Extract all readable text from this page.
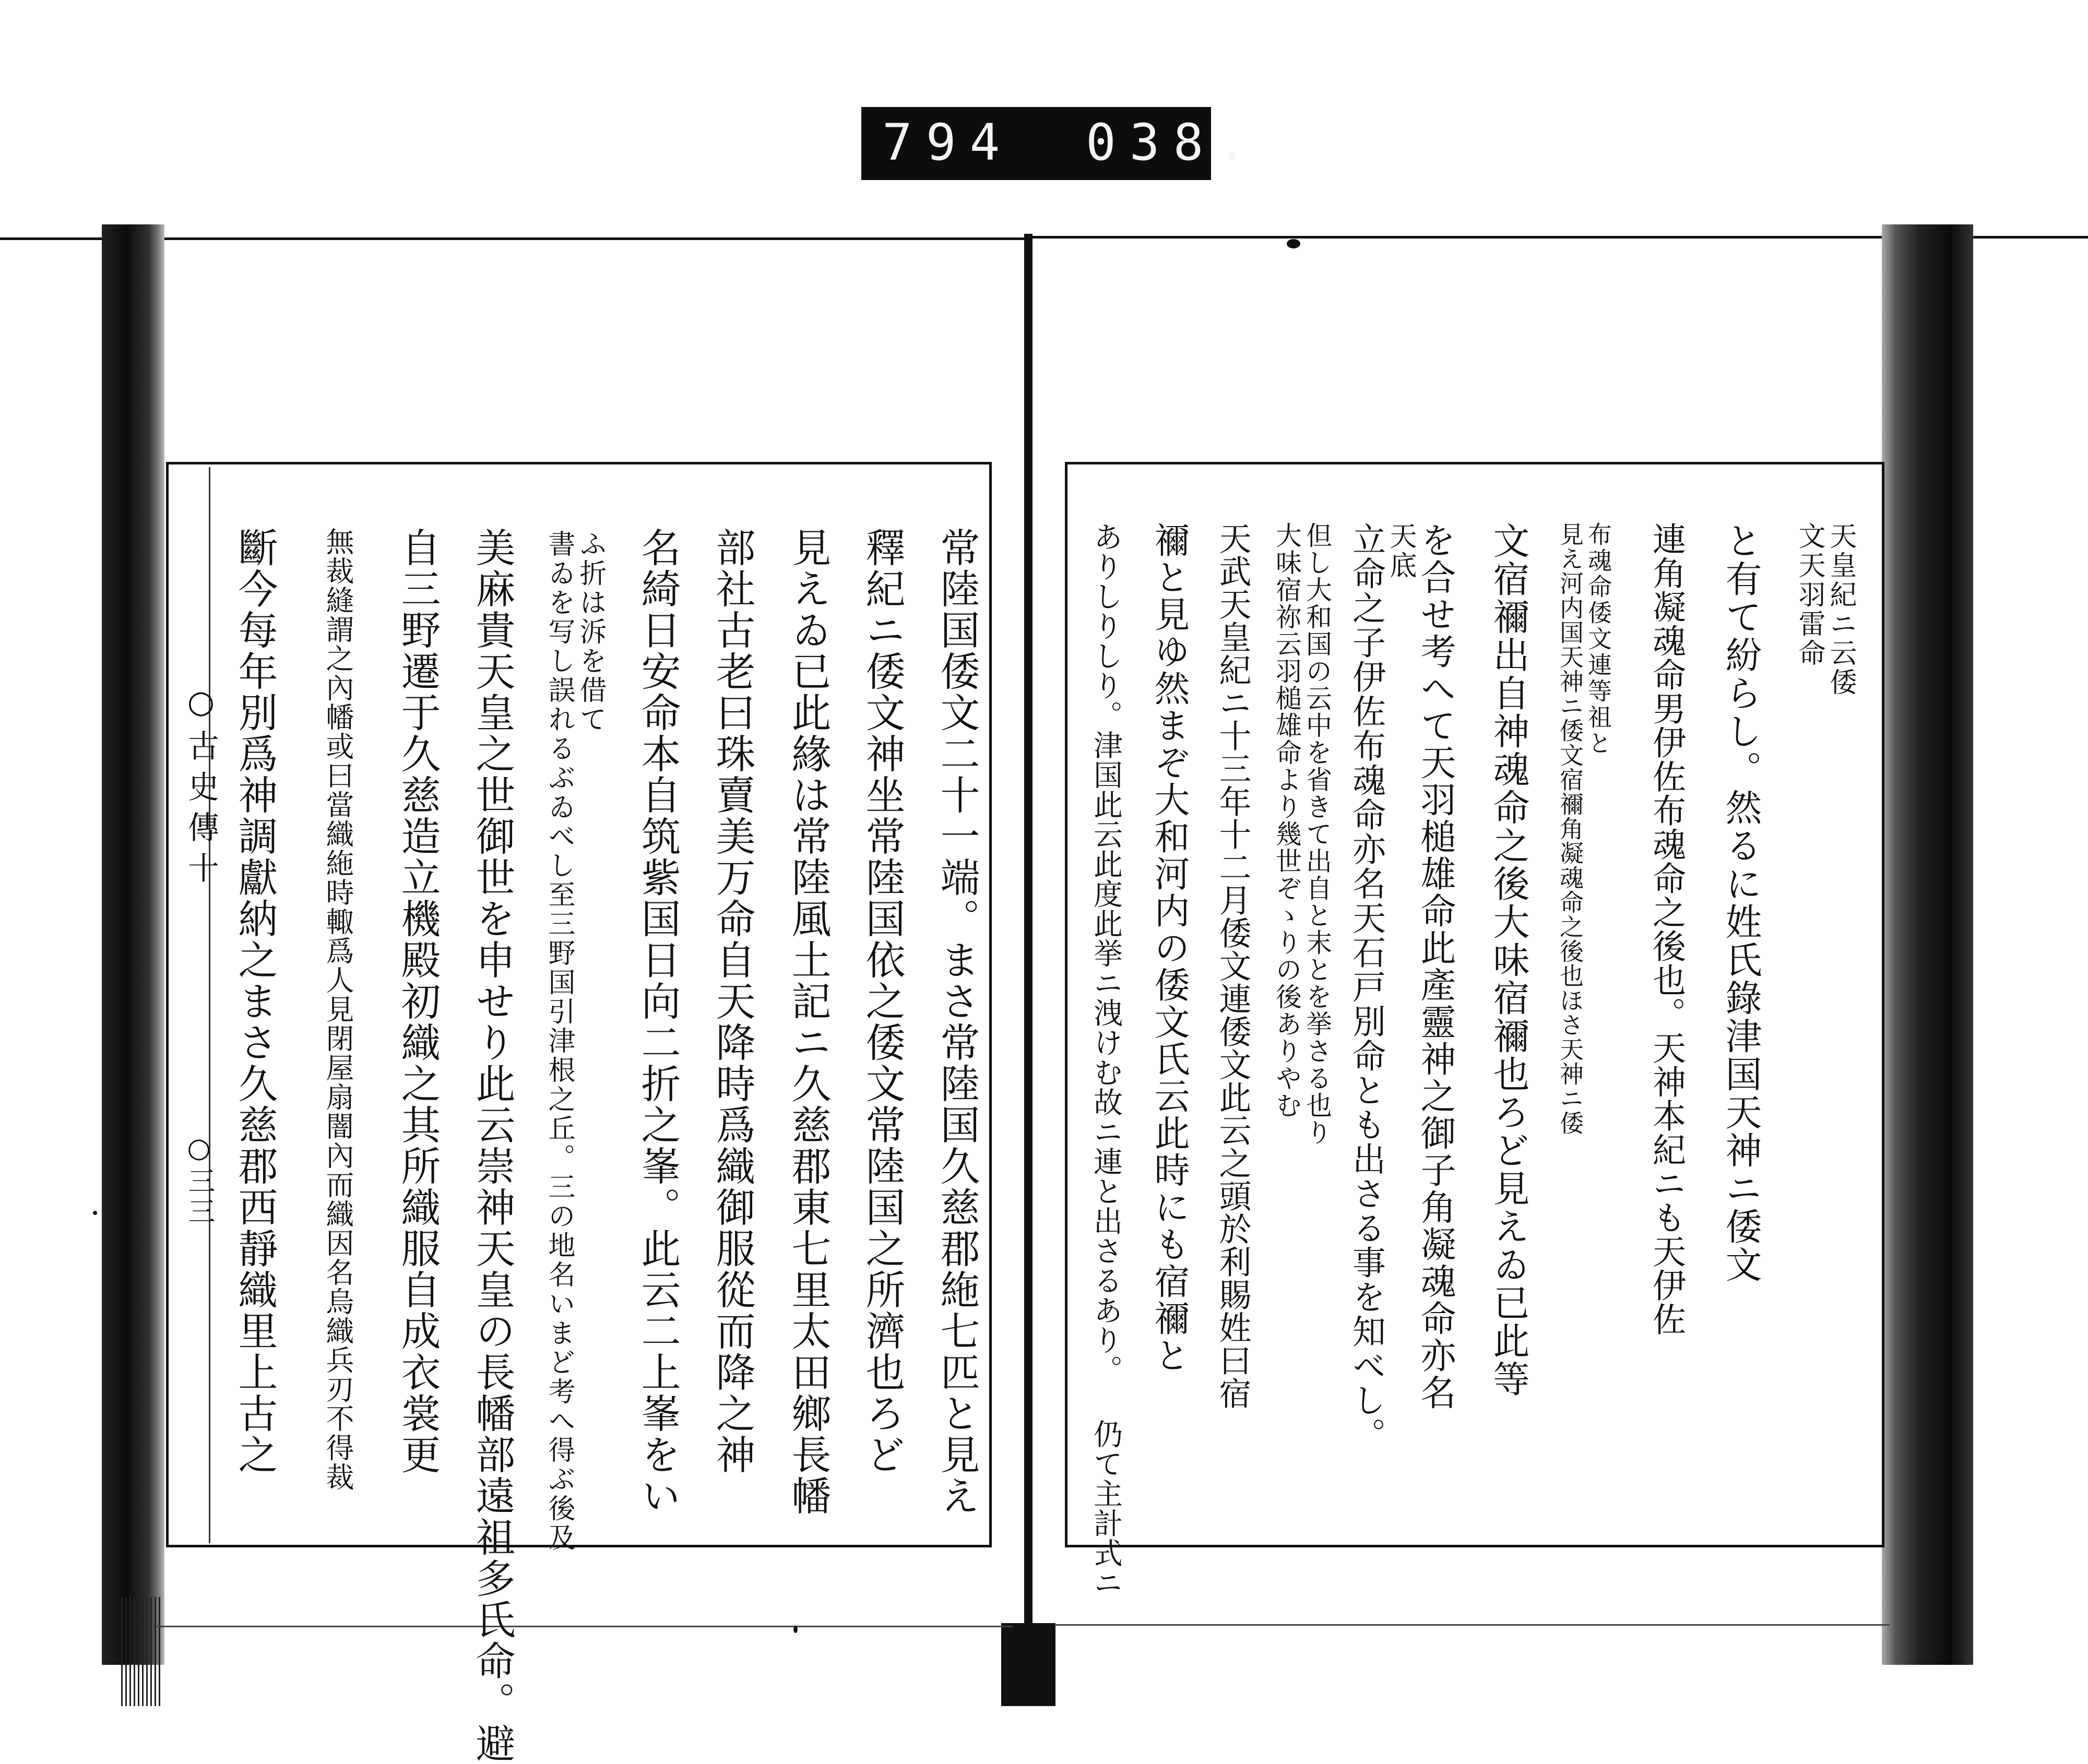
794 038.
○古史傳十
○三三	常陸国倭文二十一端。まさ常陸国久慈郡絁七匹と見え
釋紀ニ倭文神坐常陸国依之倭文常陸国之所濟也ろど
見えゐ已此緣は常陸風土記ニ久慈郡東七里太田鄉長幡
部社古老曰珠賣美万命自天降時爲織御服從而降之神
名綺日安命本自筑紫国日向二折之峯。此云二上峯をい
ふ折は泝を借て
書ゐを写し誤れるぶゐべし至三野国引津根之丘。三の地名いまど考へ得ぶ後及
美麻貴天皇之世御世を申せり此云崇神天皇の長幡部遠祖多氏命。避
自三野遷于久慈造立機殿初織之其所織服自成衣裳更
無裁縫謂之內幡或曰當織絁時輙爲人見閉屋扇闇內而織因名烏織兵刃不得裁
斷今每年別爲神調獻納之まさ久慈郡西靜織里上古之	天皇紀ニ云倭
文天羽雷命
と有て紛らし。然るに姓氏錄津国天神ニ倭文
連角凝魂命男伊佐布魂命之後也。天神本紀ニも天伊佐
布魂命倭文連等祖と
見え河内国天神ニ倭文宿禰角凝魂命之後也ほさ天神ニ倭
文宿禰出自神魂命之後大味宿禰也ろど見えゐ已此等
を合せ考へて天羽槌雄命此產靈神之御子角凝魂命亦名
天底
立命之子伊佐布魂命亦名天石戸別命とも出さる事を知べし。
但し大和国の云中を省きて出自と末とを挙さる也り
大味宿祢云羽槌雄命より幾世ぞゝりの後ありやむ
天武天皇紀ニ十三年十二月倭文連倭文此云之頭於利賜姓曰宿
禰と見ゆ然まぞ大和河内の倭文氏云此時にも宿禰と
ありしりしり。津国此云此度此挙ニ洩けむ故ニ連と出さるあり。 仍て主計式ニ
